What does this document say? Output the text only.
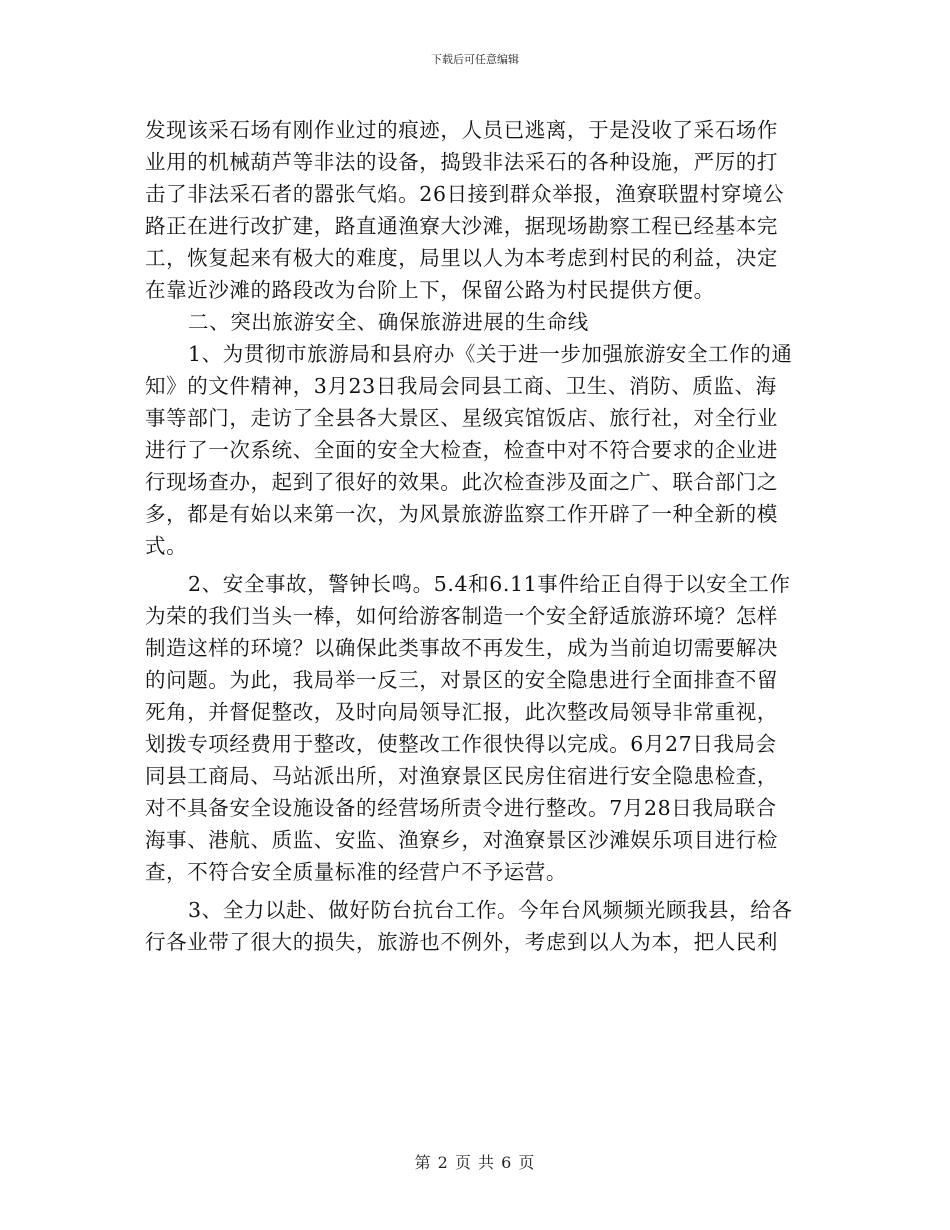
下载后可任意编辑
发现该采石场有刚作业过的痕迹，人员已逃离，于是没收了采石场作
业用的机械葫芦等非法的设备，捣毁非法采石的各种设施，严厉的打
击了非法采石者的嚣张气焰。26日接到群众举报，渔寮联盟村穿境公
路正在进行改扩建，路直通渔寮大沙滩，据现场勘察工程已经基本完
工，恢复起来有极大的难度，局里以人为本考虑到村民的利益，决定
在靠近沙滩的路段改为台阶上下，保留公路为村民提供方便。
二、突出旅游安全、确保旅游进展的生命线
1、为贯彻市旅游局和县府办《关于进一步加强旅游安全工作的通
知》的文件精神，3月23日我局会同县工商、卫生、消防、质监、海
事等部门，走访了全县各大景区、星级宾馆饭店、旅行社，对全行业
进行了一次系统、全面的安全大检查，检查中对不符合要求的企业进
行现场查办，起到了很好的效果。此次检查涉及面之广、联合部门之
多，都是有始以来第一次，为风景旅游监察工作开辟了一种全新的模
式。
2、安全事故，警钟长鸣。5.4和6.11事件给正自得于以安全工作
为荣的我们当头一棒，如何给游客制造一个安全舒适旅游环境？怎样
制造这样的环境？以确保此类事故不再发生，成为当前迫切需要解决
的问题。为此，我局举一反三，对景区的安全隐患进行全面排查不留
死角，并督促整改，及时向局领导汇报，此次整改局领导非常重视，
划拨专项经费用于整改，使整改工作很快得以完成。6月27日我局会
同县工商局、马站派出所，对渔寮景区民房住宿进行安全隐患检查，
对不具备安全设施设备的经营场所责令进行整改。7月28日我局联合
海事、港航、质监、安监、渔寮乡，对渔寮景区沙滩娱乐项目进行检
查，不符合安全质量标准的经营户不予运营。
3、全力以赴、做好防台抗台工作。今年台风频频光顾我县，给各
行各业带了很大的损失，旅游也不例外，考虑到以人为本，把人民利
第 2 页 共 6 页
